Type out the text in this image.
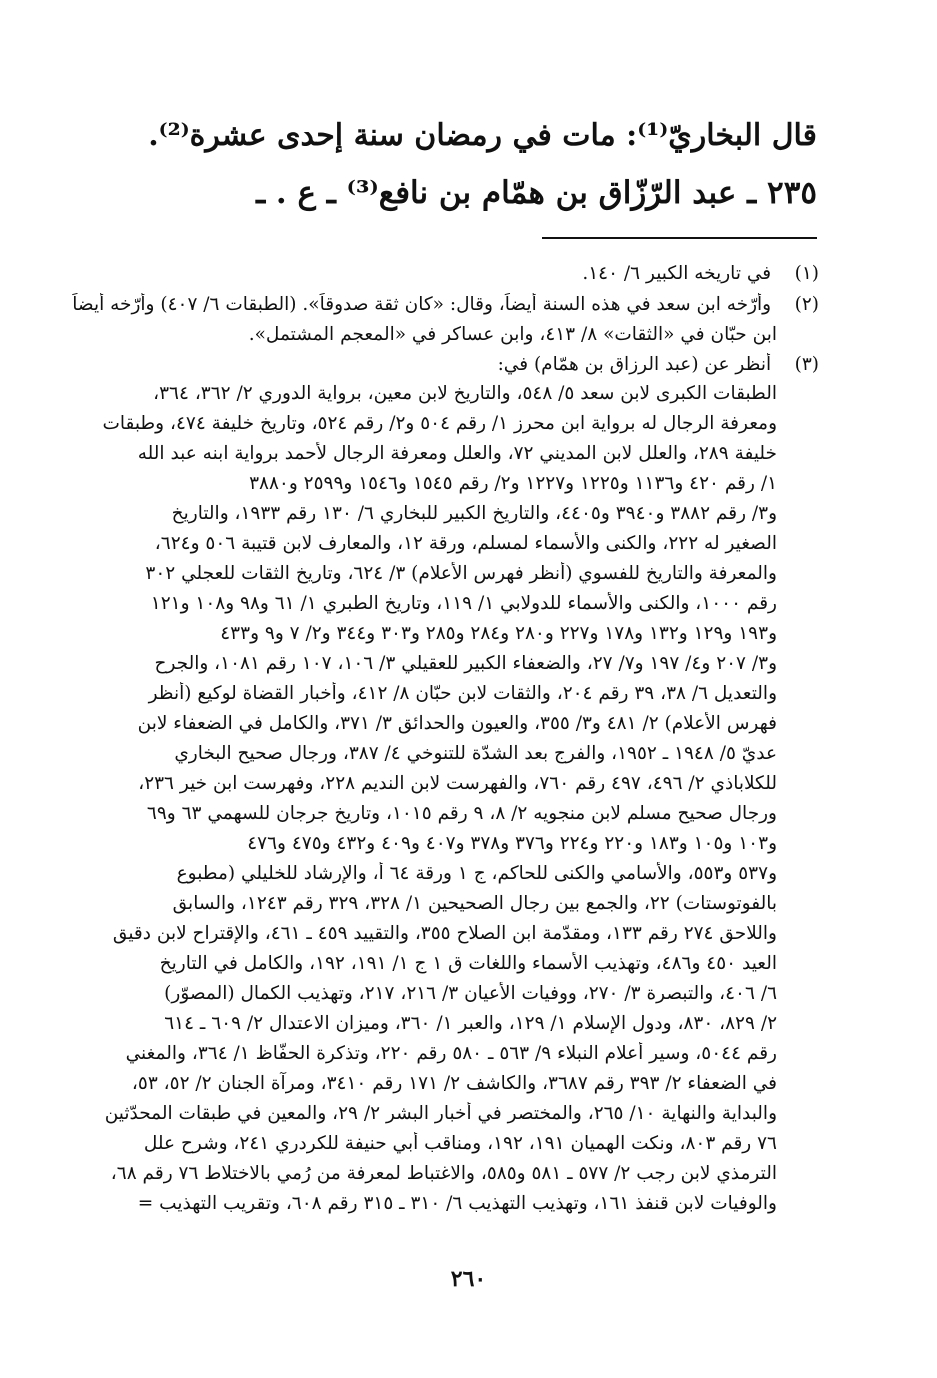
قال البخاريّ⁽¹⁾: مات في رمضان سنة إحدى عشرة⁽²⁾.
٢٣٥ ـ عبد الرّزّاق بن همّام بن نافع⁽³⁾ ـ ع . ـ
(١) في تاريخه الكبير ٦/ ١٤٠.
(٢) وأرّخه ابن سعد في هذه السنة أيضاً، وقال: «كان ثقة صدوقاً». (الطبقات ٦/ ٤٠٧) وأرّخه أيضاً
ابن حبّان في «الثقات» ٨/ ٤١٣، وابن عساكر في «المعجم المشتمل».
(٣) أنظر عن (عبد الرزاق بن همّام) في:
الطبقات الكبرى لابن سعد ٥/ ٥٤٨، والتاريخ لابن معين، برواية الدوري ٢/ ٣٦٢، ٣٦٤،
ومعرفة الرجال له برواية ابن محرز ١/ رقم ٥٠٤ و٢/ رقم ٥٢٤، وتاريخ خليفة ٤٧٤، وطبقات
خليفة ٢٨٩، والعلل لابن المديني ٧٢، والعلل ومعرفة الرجال لأحمد برواية ابنه عبد الله
١/ رقم ٤٢٠ و١١٣٦ و١٢٢٥ و١٢٢٧ و٢/ رقم ١٥٤٥ و١٥٤٦ و٢٥٩٩ و٣٨٨٠
و٣/ رقم ٣٨٨٢ و٣٩٤٠ و٤٤٠٥، والتاريخ الكبير للبخاري ٦/ ١٣٠ رقم ١٩٣٣، والتاريخ
الصغير له ٢٢٢، والكنى والأسماء لمسلم، ورقة ١٢، والمعارف لابن قتيبة ٥٠٦ و٦٢٤،
والمعرفة والتاريخ للفسوي (أنظر فهرس الأعلام) ٣/ ٦٢٤، وتاريخ الثقات للعجلي ٣٠٢
رقم ١٠٠٠، والكنى والأسماء للدولابي ١/ ١١٩، وتاريخ الطبري ١/ ٦١ و٩٨ و١٠٨ و١٢١
و١٩٣ و١٢٩ و١٣٢ و١٧٨ و٢٢٧ و٢٨٠ و٢٨٤ و٢٨٥ و٣٠٣ و٣٤٤ و٢/ ٧ و٩ و٤٣٣
و٣/ ٢٠٧ و٤/ ١٩٧ و٧/ ٢٧، والضعفاء الكبير للعقيلي ٣/ ١٠٦، ١٠٧ رقم ١٠٨١، والجرح
والتعديل ٦/ ٣٨، ٣٩ رقم ٢٠٤، والثقات لابن حبّان ٨/ ٤١٢، وأخبار القضاة لوكيع (أنظر
فهرس الأعلام) ٢/ ٤٨١ و٣/ ٣٥٥، والعيون والحدائق ٣/ ٣٧١، والكامل في الضعفاء لابن
عديّ ٥/ ١٩٤٨ ـ ١٩٥٢، والفرج بعد الشدّة للتنوخي ٤/ ٣٨٧، ورجال صحيح البخاري
للكلاباذي ٢/ ٤٩٦، ٤٩٧ رقم ٧٦٠، والفهرست لابن النديم ٢٢٨، وفهرست ابن خير ٢٣٦،
ورجال صحيح مسلم لابن منجويه ٢/ ٨، ٩ رقم ١٠١٥، وتاريخ جرجان للسهمي ٦٣ و٦٩
و١٠٣ و١٠٥ و١٨٣ و٢٢٠ و٢٢٤ و٣٧٦ و٣٧٨ و٤٠٧ و٤٠٩ و٤٣٢ و٤٧٥ و٤٧٦
و٥٣٧ و٥٥٣، والأسامي والكنى للحاكم، ج ١ ورقة ٦٤ أ، والإرشاد للخليلي (مطبوع
بالفوتوستات) ٢٢، والجمع بين رجال الصحيحين ١/ ٣٢٨، ٣٢٩ رقم ١٢٤٣، والسابق
واللاحق ٢٧٤ رقم ١٣٣، ومقدّمة ابن الصلاح ٣٥٥، والتقييد ٤٥٩ ـ ٤٦١، والإقتراح لابن دقيق
العيد ٤٥٠ و٤٨٦، وتهذيب الأسماء واللغات ق ١ ج ١/ ١٩١، ١٩٢، والكامل في التاريخ
٦/ ٤٠٦، والتبصرة ٣/ ٢٧٠، ووفيات الأعيان ٣/ ٢١٦، ٢١٧، وتهذيب الكمال (المصوّر)
٢/ ٨٢٩، ٨٣٠، ودول الإسلام ١/ ١٢٩، والعبر ١/ ٣٦٠، وميزان الاعتدال ٢/ ٦٠٩ ـ ٦١٤
رقم ٥٠٤٤، وسير أعلام النبلاء ٩/ ٥٦٣ ـ ٥٨٠ رقم ٢٢٠، وتذكرة الحفّاظ ١/ ٣٦٤، والمغني
في الضعفاء ٢/ ٣٩٣ رقم ٣٦٨٧، والكاشف ٢/ ١٧١ رقم ٣٤١٠، ومرآة الجنان ٢/ ٥٢، ٥٣،
والبداية والنهاية ١٠/ ٢٦٥، والمختصر في أخبار البشر ٢/ ٢٩، والمعين في طبقات المحدّثين
٧٦ رقم ٨٠٣، ونكت الهميان ١٩١، ١٩٢، ومناقب أبي حنيفة للكردري ٢٤١، وشرح علل
الترمذي لابن رجب ٢/ ٥٧٧ ـ ٥٨١ و٥٨٥، والاغتباط لمعرفة من رُمي بالاختلاط ٧٦ رقم ٦٨،
والوفيات لابن قنفذ ١٦١، وتهذيب التهذيب ٦/ ٣١٠ ـ ٣١٥ رقم ٦٠٨، وتقريب التهذيب =
٢٦٠
